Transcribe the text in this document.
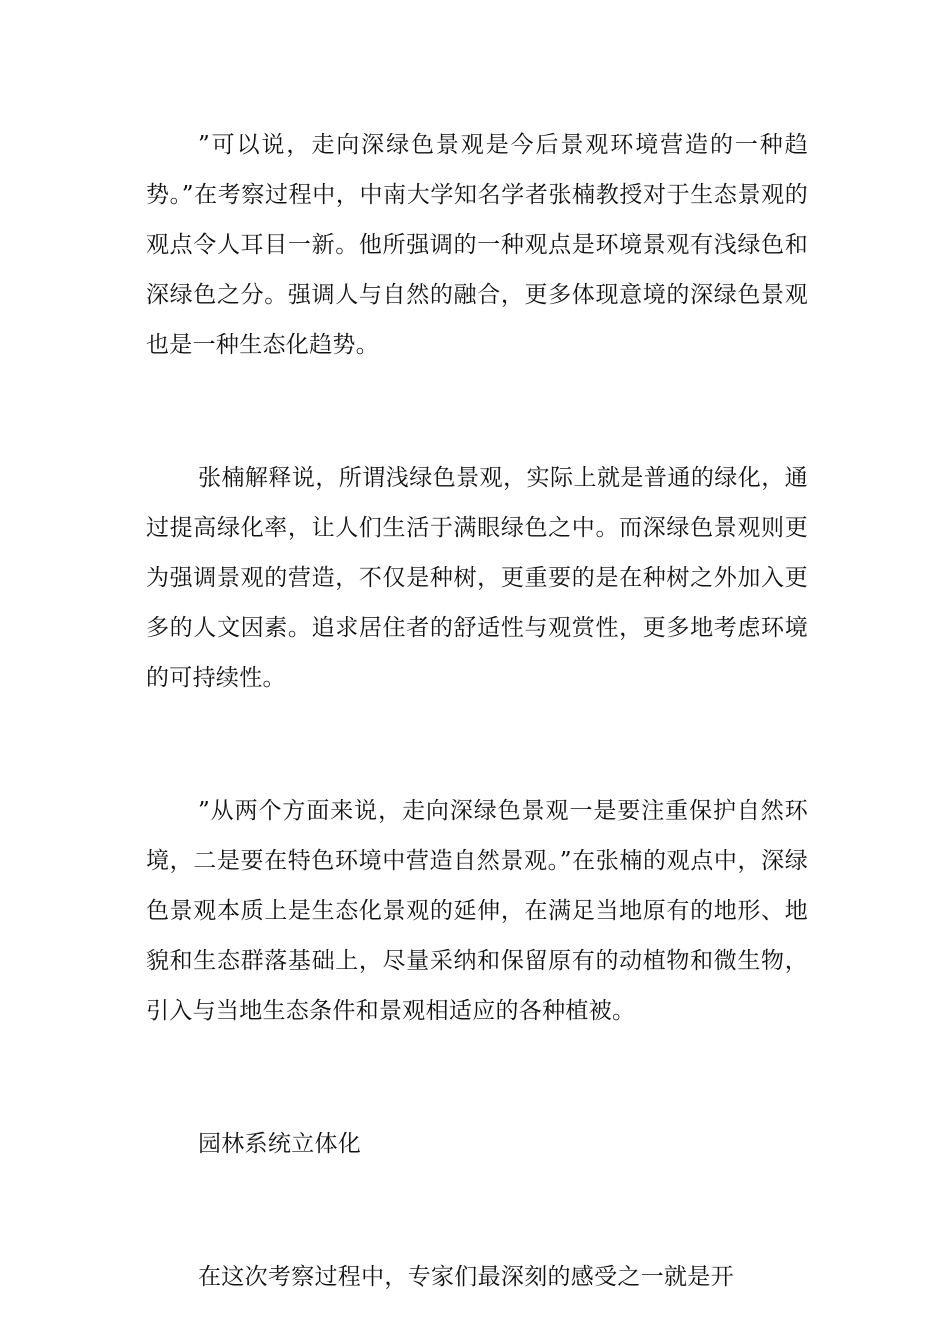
”可以说，走向深绿色景观是今后景观环境营造的一种趋势。”在考察过程中，中南大学知名学者张楠教授对于生态景观的观点令人耳目一新。他所强调的一种观点是环境景观有浅绿色和深绿色之分。强调人与自然的融合，更多体现意境的深绿色景观也是一种生态化趋势。

张楠解释说，所谓浅绿色景观，实际上就是普通的绿化，通过提高绿化率，让人们生活于满眼绿色之中。而深绿色景观则更为强调景观的营造，不仅是种树，更重要的是在种树之外加入更多的人文因素。追求居住者的舒适性与观赏性，更多地考虑环境的可持续性。

”从两个方面来说，走向深绿色景观一是要注重保护自然环境，二是要在特色环境中营造自然景观。”在张楠的观点中，深绿色景观本质上是生态化景观的延伸，在满足当地原有的地形、地貌和生态群落基础上，尽量采纳和保留原有的动植物和微生物，引入与当地生态条件和景观相适应的各种植被。

园林系统立体化

在这次考察过程中，专家们最深刻的感受之一就是开
